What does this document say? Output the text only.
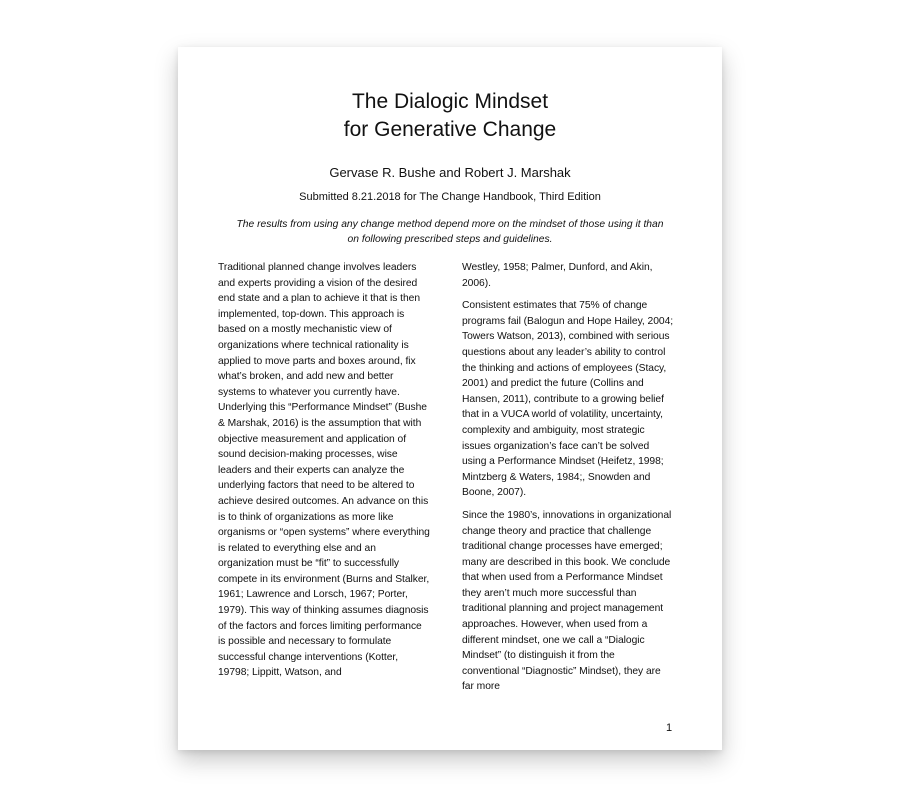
The Dialogic Mindset
for Generative Change
Gervase R. Bushe and Robert J. Marshak
Submitted 8.21.2018 for The Change Handbook, Third Edition

The results from using any change method depend more on the mindset of those using it than on following prescribed steps and guidelines.

Traditional planned change involves leaders and experts providing a vision of the desired end state and a plan to achieve it that is then implemented, top-down. This approach is based on a mostly mechanistic view of organizations where technical rationality is applied to move parts and boxes around, fix what’s broken, and add new and better systems to whatever you currently have. Underlying this “Performance Mindset” (Bushe & Marshak, 2016) is the assumption that with objective measurement and application of sound decision-making processes, wise leaders and their experts can analyze the underlying factors that need to be altered to achieve desired outcomes. An advance on this is to think of organizations as more like organisms or “open systems” where everything is related to everything else and an organization must be “fit” to successfully compete in its environment (Burns and Stalker, 1961; Lawrence and Lorsch, 1967; Porter, 1979). This way of thinking assumes diagnosis of the factors and forces limiting performance is possible and necessary to formulate successful change interventions (Kotter, 19798; Lippitt, Watson, and

Westley, 1958; Palmer, Dunford, and Akin, 2006).

Consistent estimates that 75% of change programs fail (Balogun and Hope Hailey, 2004; Towers Watson, 2013), combined with serious questions about any leader’s ability to control the thinking and actions of employees (Stacy, 2001) and predict the future (Collins and Hansen, 2011), contribute to a growing belief that in a VUCA world of volatility, uncertainty, complexity and ambiguity, most strategic issues organization’s face can’t be solved using a Performance Mindset (Heifetz, 1998; Mintzberg & Waters, 1984;, Snowden and Boone, 2007).

Since the 1980’s, innovations in organizational change theory and practice that challenge traditional change processes have emerged; many are described in this book. We conclude that when used from a Performance Mindset they aren’t much more successful than traditional planning and project management approaches. However, when used from a different mindset, one we call a “Dialogic Mindset” (to distinguish it from the conventional “Diagnostic” Mindset), they are far more

1
